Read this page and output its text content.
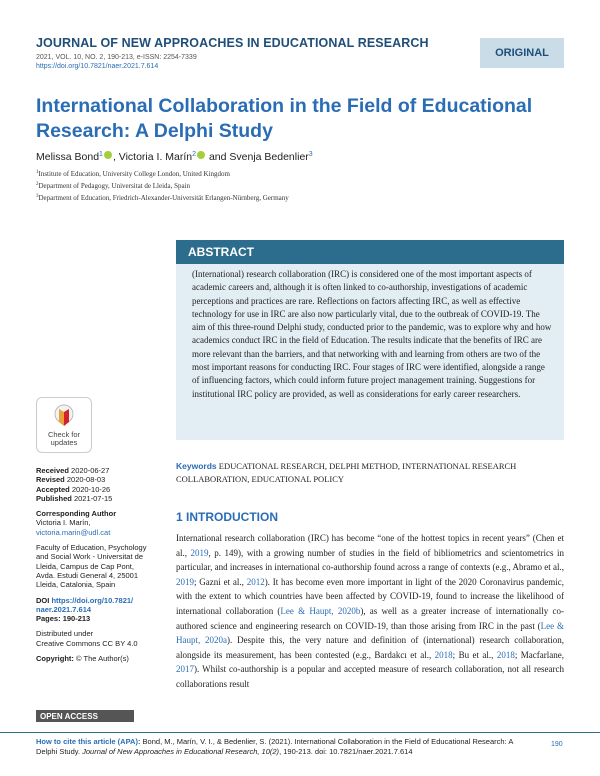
JOURNAL OF NEW APPROACHES IN EDUCATIONAL RESEARCH
2021, VOL. 10, NO. 2, 190-213, e-ISSN: 2254-7339
https://doi.org/10.7821/naer.2021.7.614
ORIGINAL
International Collaboration in the Field of Educational Research: A Delphi Study
Melissa Bond$^1$ , Victoria I. Marín$^2$ and Svenja Bedenlier$^3$
$^1$Institute of Education, University College London, United Kingdom
$^2$Department of Pedagogy, Universitat de Lleida, Spain
$^3$Department of Education, Friedrich-Alexander-Universität Erlangen-Nürnberg, Germany
ABSTRACT
(International) research collaboration (IRC) is considered one of the most important aspects of academic careers and, although it is often linked to co-authorship, investigations of academic perceptions and practices are rare. Reflections on factors affecting IRC, as well as effective technology for use in IRC are also now particularly vital, due to the outbreak of COVID-19. The aim of this three-round Delphi study, conducted prior to the pandemic, was to explore why and how academics conduct IRC in the field of Education. The results indicate that the benefits of IRC are more relevant than the barriers, and that networking with and learning from others are two of the most important reasons for conducting IRC. Four stages of IRC were identified, alongside a range of influencing factors, which could inform future project management training. Suggestions for institutional IRC policy are provided, as well as considerations for early career researchers.
Check for
updates
Keywords EDUCATIONAL RESEARCH, DELPHI METHOD, INTERNATIONAL RESEARCH COLLABORATION, EDUCATIONAL POLICY
Received 2020-06-27
Revised 2020-08-03
Accepted 2020-10-26
Published 2021-07-15
Corresponding Author
Victoria I. Marín,
victoria.marin@udl.cat
Faculty of Education, Psychology and Social Work - Universitat de Lleida, Campus de Cap Pont, Avda. Estudi General 4, 25001 Lleida, Catalonia, Spain
DOI https://doi.org/10.7821/ naer.2021.7.614
Pages: 190-213
Distributed under
Creative Commons CC BY 4.0
Copyright: © The Author(s)
OPEN ACCESS
1 INTRODUCTION
International research collaboration (IRC) has become “one of the hottest topics in recent years” (Chen et al., 2019, p. 149), with a growing number of studies in the field of bibliometrics and scientometrics in particular, and increases in international co-authorship found across a range of contexts (e.g., Abramo et al., 2019; Gazni et al., 2012). It has become even more important in light of the 2020 Coronavirus pandemic, with the extent to which countries have been affected by COVID-19, found to increase the likelihood of international collaboration (Lee & Haupt, 2020b), as well as a greater increase of internationally co-authored science and engineering research on COVID-19, than those arising from IRC in the past (Lee & Haupt, 2020a). Despite this, the very nature and definition of (international) research collaboration, alongside its measurement, has been contested (e.g., Bardakcı et al., 2018; Bu et al., 2018; Macfarlane, 2017). Whilst co-authorship is a popular and accepted measure of research collaboration, not all research collaborations result
How to cite this article (APA): Bond, M., Marín, V. I., & Bedenlier, S. (2021). International Collaboration in the Field of Educational Research: A Delphi Study. Journal of New Approaches in Educational Research, 10(2), 190-213. doi: 10.7821/naer.2021.7.614
190
